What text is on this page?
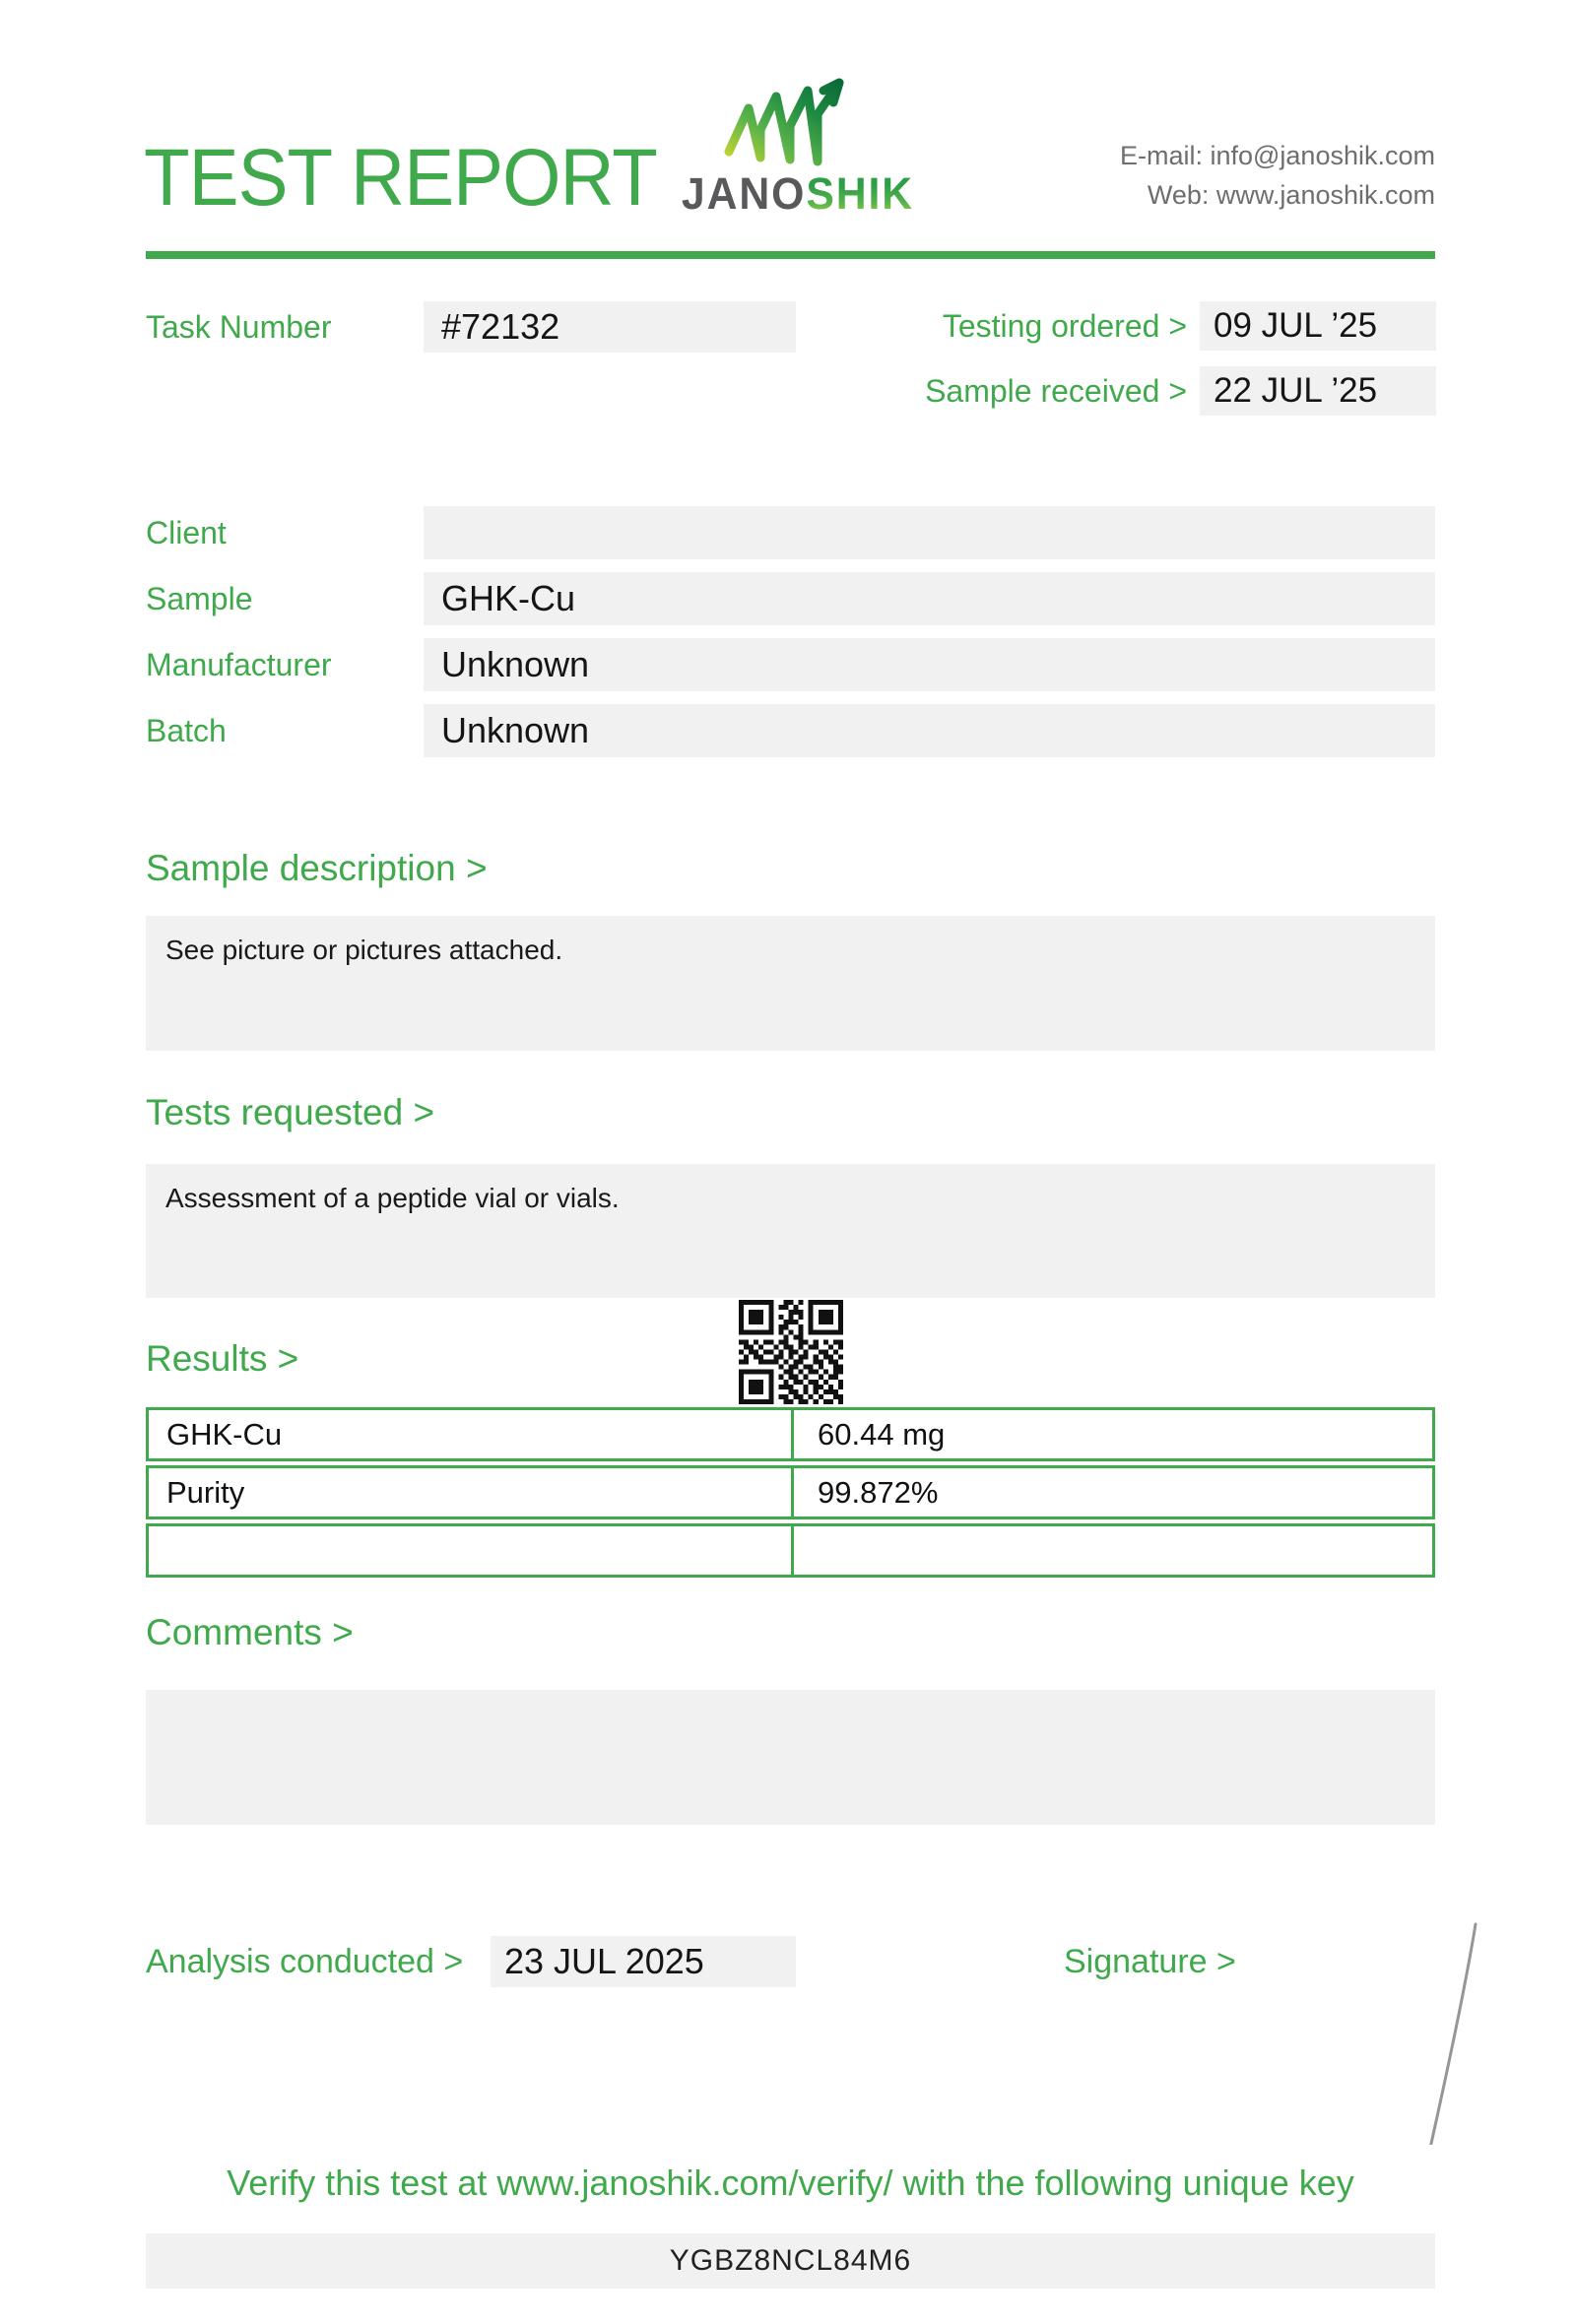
TEST REPORT JANOSHIK
E-mail: info@janoshik.com
Web: www.janoshik.com
Task Number	#72132	Testing ordered > 09 JUL ’25
Sample received > 22 JUL ’25
Client
Sample	GHK-Cu
Manufacturer	Unknown
Batch	Unknown
Sample description >
See picture or pictures attached.
Tests requested >
Assessment of a peptide vial or vials.
Results >
GHK-Cu	60.44 mg
Purity	99.872%
Comments >
Analysis conducted >	23 JUL 2025	Signature >
Verify this test at www.janoshik.com/verify/ with the following unique key
YGBZ8NCL84M6
